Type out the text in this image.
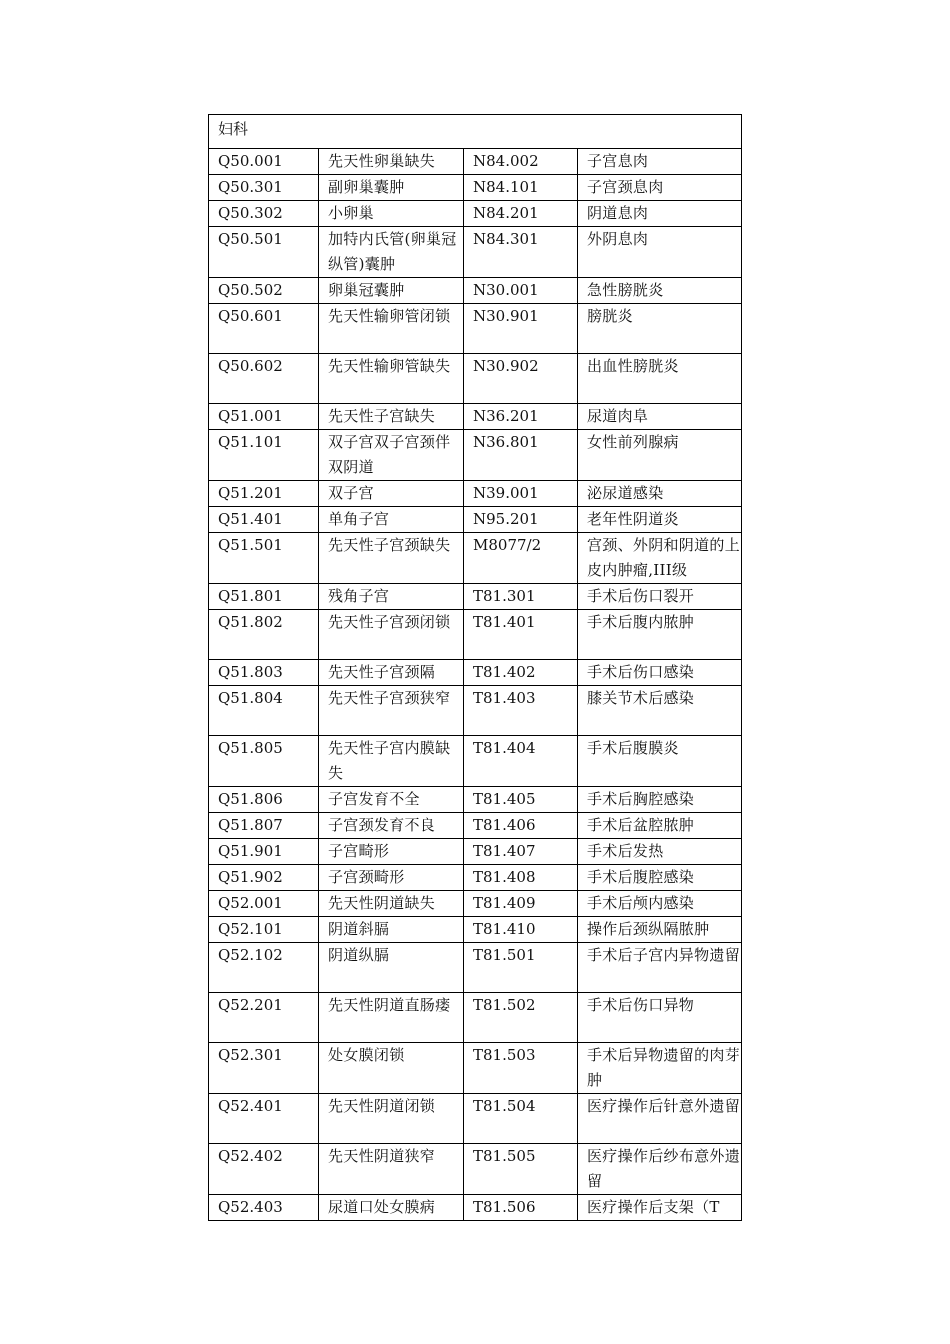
妇科			
Q50.001	先天性卵巢缺失	N84.002	子宫息肉
Q50.301	副卵巢囊肿	N84.101	子宫颈息肉
Q50.302	小卵巢	N84.201	阴道息肉
Q50.501	加特内氏管(卵巢冠纵管)囊肿	N84.301	外阴息肉
Q50.502	卵巢冠囊肿	N30.001	急性膀胱炎
Q50.601	先天性输卵管闭锁	N30.901	膀胱炎
Q50.602	先天性输卵管缺失	N30.902	出血性膀胱炎
Q51.001	先天性子宫缺失	N36.201	尿道肉阜
Q51.101	双子宫双子宫颈伴双阴道	N36.801	女性前列腺病
Q51.201	双子宫	N39.001	泌尿道感染
Q51.401	单角子宫	N95.201	老年性阴道炎
Q51.501	先天性子宫颈缺失	M8077/2	宫颈、外阴和阴道的上皮内肿瘤,III级
Q51.801	残角子宫	T81.301	手术后伤口裂开
Q51.802	先天性子宫颈闭锁	T81.401	手术后腹内脓肿
Q51.803	先天性子宫颈隔	T81.402	手术后伤口感染
Q51.804	先天性子宫颈狭窄	T81.403	膝关节术后感染
Q51.805	先天性子宫内膜缺失	T81.404	手术后腹膜炎
Q51.806	子宫发育不全	T81.405	手术后胸腔感染
Q51.807	子宫颈发育不良	T81.406	手术后盆腔脓肿
Q51.901	子宫畸形	T81.407	手术后发热
Q51.902	子宫颈畸形	T81.408	手术后腹腔感染
Q52.001	先天性阴道缺失	T81.409	手术后颅内感染
Q52.101	阴道斜膈	T81.410	操作后颈纵隔脓肿
Q52.102	阴道纵膈	T81.501	手术后子宫内异物遗留
Q52.201	先天性阴道直肠瘘	T81.502	手术后伤口异物
Q52.301	处女膜闭锁	T81.503	手术后异物遗留的肉芽肿
Q52.401	先天性阴道闭锁	T81.504	医疗操作后针意外遗留
Q52.402	先天性阴道狭窄	T81.505	医疗操作后纱布意外遗留
Q52.403	尿道口处女膜病	T81.506	医疗操作后支架（T
